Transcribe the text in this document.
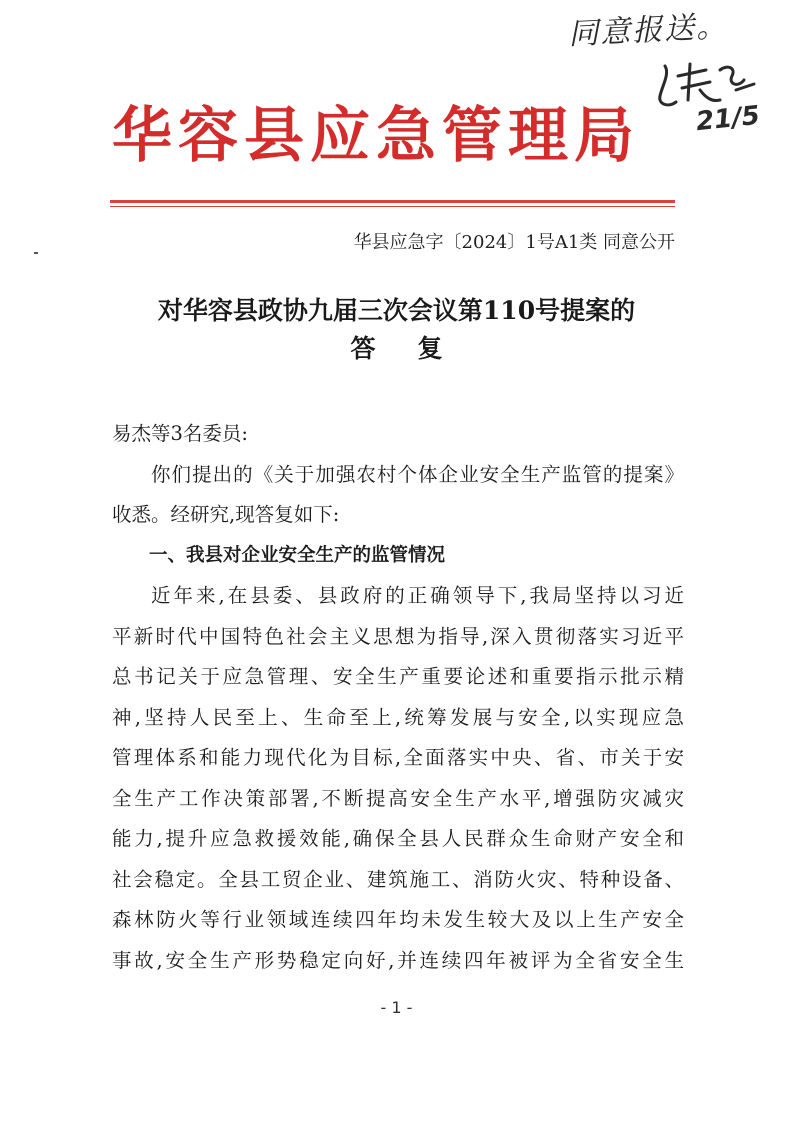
同意报送。
21/5
华容县应急管理局
华县应急字〔2024〕1号A1类 同意公开
对华容县政协九届三次会议第110号提案的
答复

易杰等3名委员:

你们提出的《关于加强农村个体企业安全生产监管的提案》

收悉。经研究,现答复如下:

一、我县对企业安全生产的监管情况

近年来,在县委、县政府的正确领导下,我局坚持以习近

平新时代中国特色社会主义思想为指导,深入贯彻落实习近平

总书记关于应急管理、安全生产重要论述和重要指示批示精

神,坚持人民至上、生命至上,统筹发展与安全,以实现应急

管理体系和能力现代化为目标,全面落实中央、省、市关于安

全生产工作决策部署,不断提高安全生产水平,增强防灾减灾

能力,提升应急救援效能,确保全县人民群众生命财产安全和

社会稳定。全县工贸企业、建筑施工、消防火灾、特种设备、

森林防火等行业领域连续四年均未发生较大及以上生产安全

事故,安全生产形势稳定向好,并连续四年被评为全省安全生

- 1 -
